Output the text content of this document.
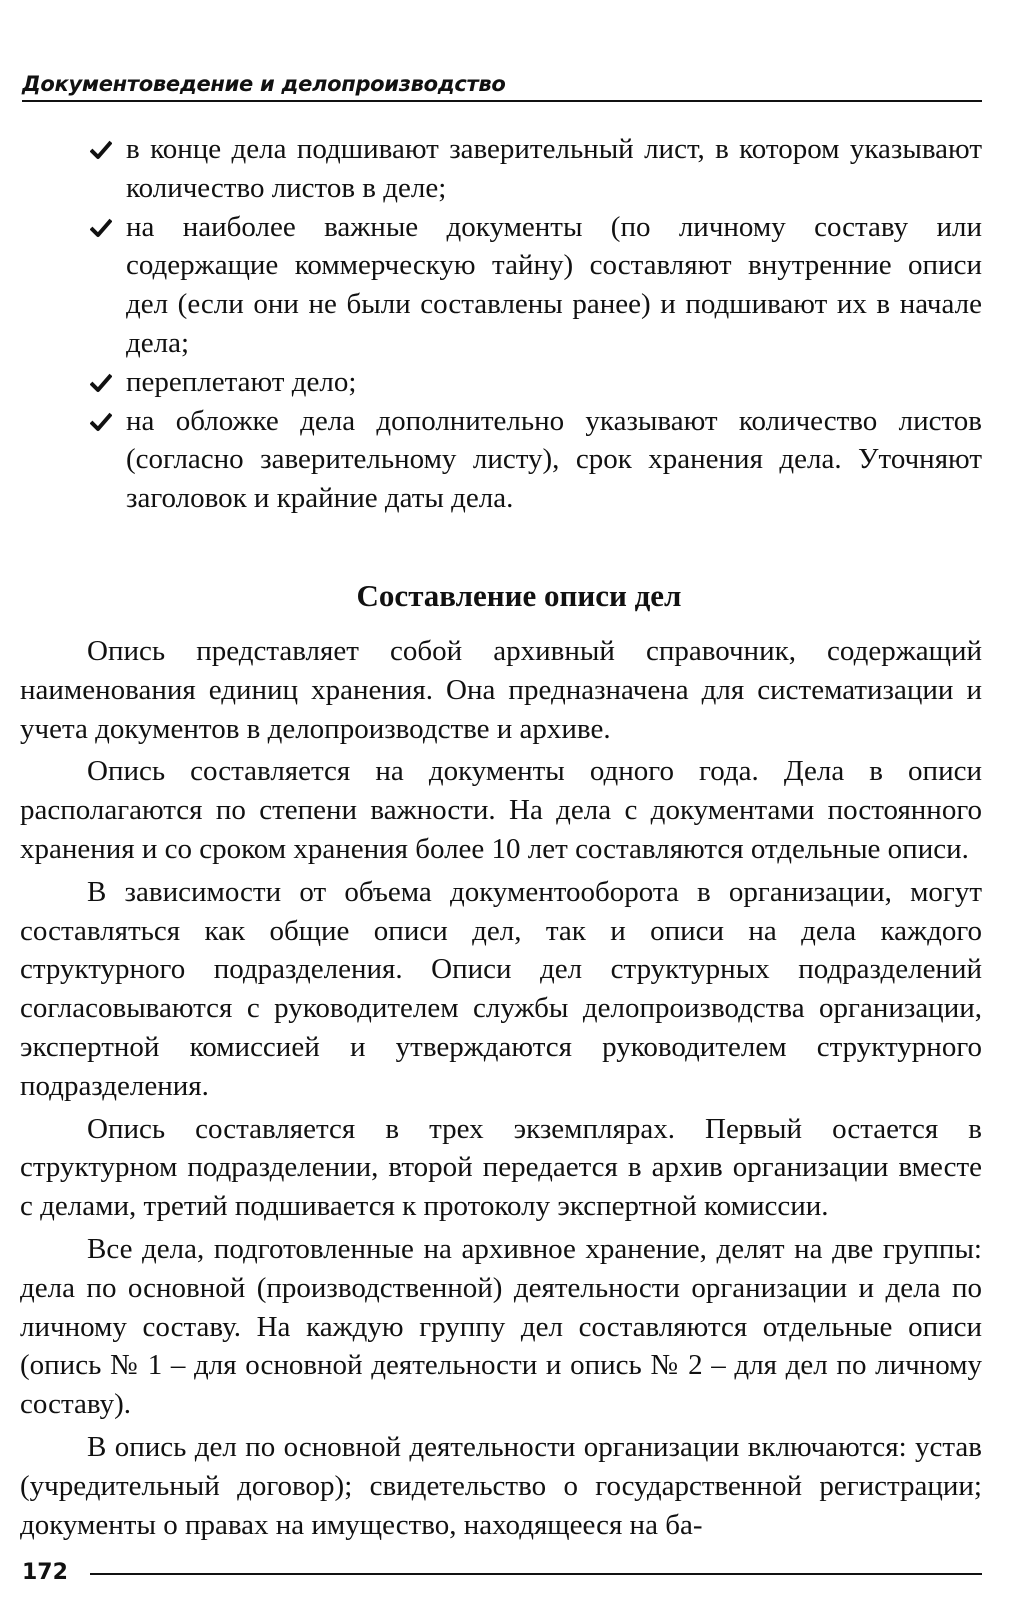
Документоведение и делопроизводство
в конце дела подшивают заверительный лист, в котором указывают количество листов в деле;
на наиболее важные документы (по личному составу или содержащие коммерческую тайну) составляют внутренние описи дел (если они не были составлены ранее) и подшивают их в начале дела;
переплетают дело;
на обложке дела дополнительно указывают количество листов (согласно заверительному листу), срок хранения дела. Уточняют заголовок и крайние даты дела.
Составление описи дел

Опись представляет собой архивный справочник, содержащий наименования единиц хранения. Она предназначена для систематизации и учета документов в делопроизводстве и архиве.

Опись составляется на документы одного года. Дела в описи располагаются по степени важности. На дела с документами постоянного хранения и со сроком хранения более 10 лет составляются отдельные описи.

В зависимости от объема документооборота в организации, могут составляться как общие описи дел, так и описи на дела каждого структурного подразделения. Описи дел структурных подразделений согласовываются с руководителем службы делопроизводства организации, экспертной комиссией и утверждаются руководителем структурного подразделения.

Опись составляется в трех экземплярах. Первый остается в структурном подразделении, второй передается в архив организации вместе с делами, третий подшивается к протоколу экспертной комиссии.

Все дела, подготовленные на архивное хранение, делят на две группы: дела по основной (производственной) деятельности организации и дела по личному составу. На каждую группу дел составляются отдельные описи (опись № 1 – для основной деятельности и опись № 2 – для дел по личному составу).

В опись дел по основной деятельности организации включаются: устав (учредительный договор); свидетельство о государственной регистрации; документы о правах на имущество, находящееся на ба-

172
